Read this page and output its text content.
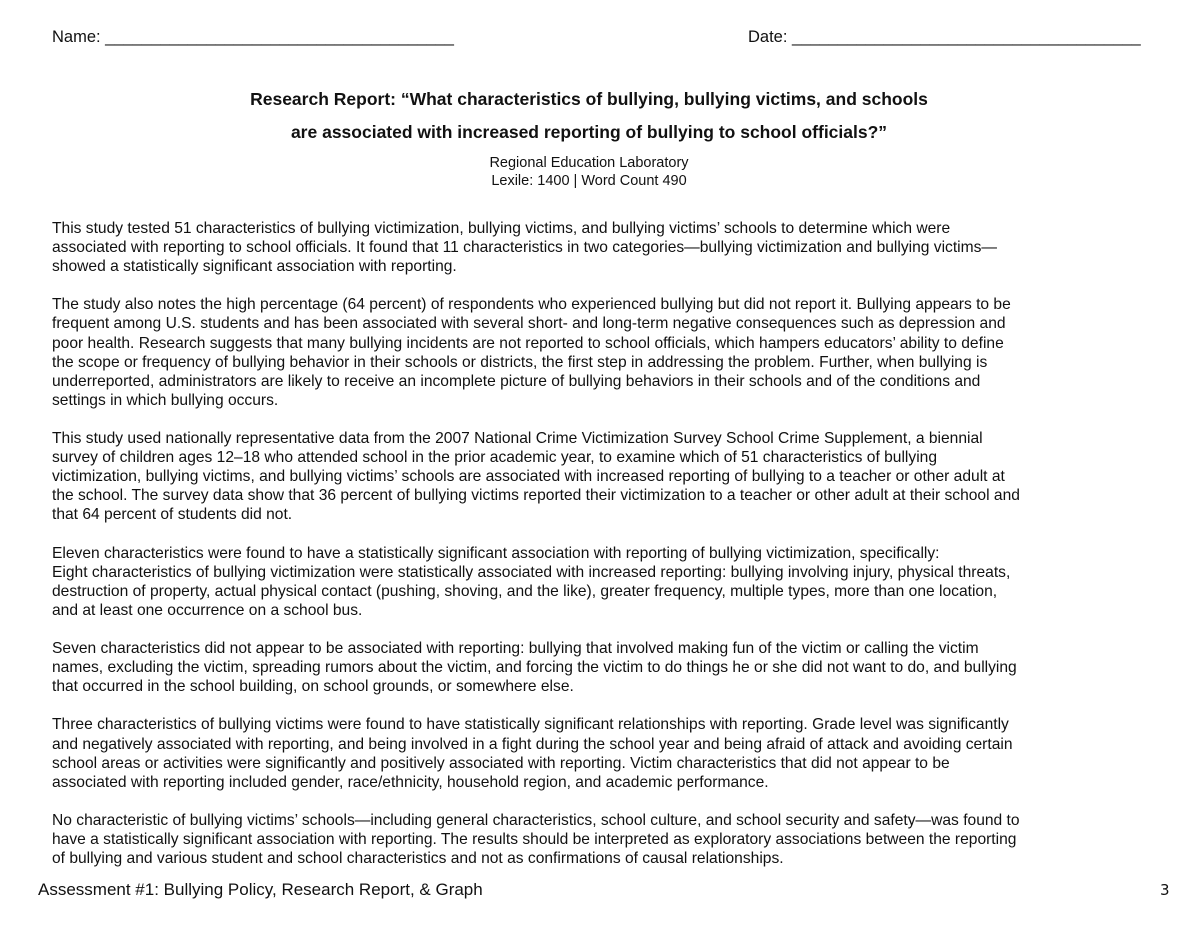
Name: ______________________________________	Date: ______________________________________
Research Report: “What characteristics of bullying, bullying victims, and schools
are associated with increased reporting of bullying to school officials?”
Regional Education Laboratory
Lexile: 1400 | Word Count 490

This study tested 51 characteristics of bullying victimization, bullying victims, and bullying victims’ schools to determine which were
associated with reporting to school officials. It found that 11 characteristics in two categories—bullying victimization and bullying victims—
showed a statistically significant association with reporting.

The study also notes the high percentage (64 percent) of respondents who experienced bullying but did not report it. Bullying appears to be
frequent among U.S. students and has been associated with several short- and long-term negative consequences such as depression and
poor health. Research suggests that many bullying incidents are not reported to school officials, which hampers educators’ ability to define
the scope or frequency of bullying behavior in their schools or districts, the first step in addressing the problem. Further, when bullying is
underreported, administrators are likely to receive an incomplete picture of bullying behaviors in their schools and of the conditions and
settings in which bullying occurs.

This study used nationally representative data from the 2007 National Crime Victimization Survey School Crime Supplement, a biennial
survey of children ages 12–18 who attended school in the prior academic year, to examine which of 51 characteristics of bullying
victimization, bullying victims, and bullying victims’ schools are associated with increased reporting of bullying to a teacher or other adult at
the school. The survey data show that 36 percent of bullying victims reported their victimization to a teacher or other adult at their school and
that 64 percent of students did not.

Eleven characteristics were found to have a statistically significant association with reporting of bullying victimization, specifically:
Eight characteristics of bullying victimization were statistically associated with increased reporting: bullying involving injury, physical threats,
destruction of property, actual physical contact (pushing, shoving, and the like), greater frequency, multiple types, more than one location,
and at least one occurrence on a school bus.

Seven characteristics did not appear to be associated with reporting: bullying that involved making fun of the victim or calling the victim
names, excluding the victim, spreading rumors about the victim, and forcing the victim to do things he or she did not want to do, and bullying
that occurred in the school building, on school grounds, or somewhere else.

Three characteristics of bullying victims were found to have statistically significant relationships with reporting. Grade level was significantly
and negatively associated with reporting, and being involved in a fight during the school year and being afraid of attack and avoiding certain
school areas or activities were significantly and positively associated with reporting. Victim characteristics that did not appear to be
associated with reporting included gender, race/ethnicity, household region, and academic performance.

No characteristic of bullying victims’ schools—including general characteristics, school culture, and school security and safety—was found to
have a statistically significant association with reporting. The results should be interpreted as exploratory associations between the reporting
of bullying and various student and school characteristics and not as confirmations of causal relationships.

Assessment #1: Bullying Policy, Research Report, & Graph	3
